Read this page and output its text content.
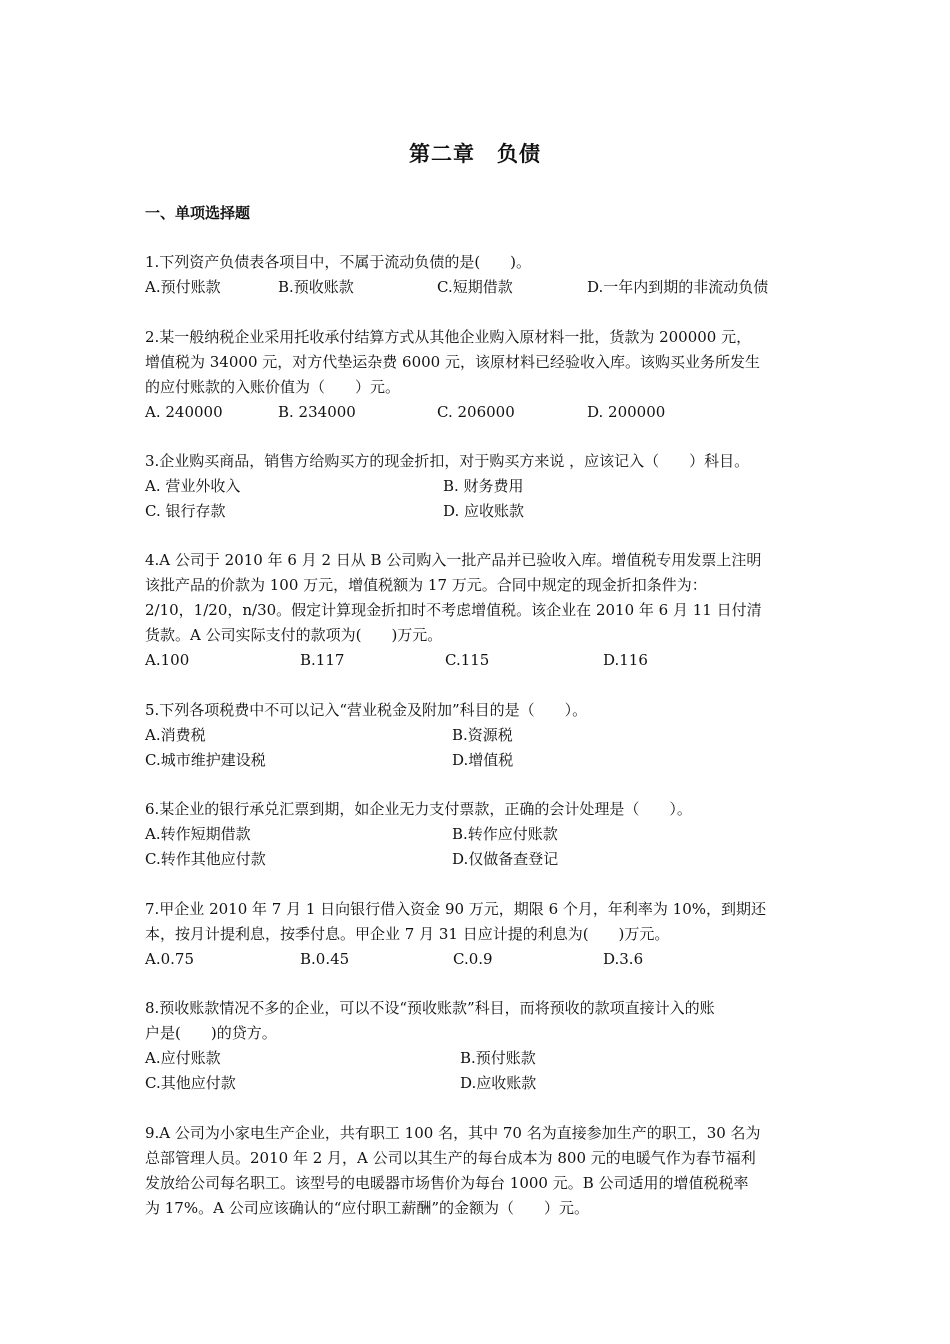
第二章　负债
一、单项选择题
1.下列资产负债表各项目中，不属于流动负债的是(　　)。
A.预付账款	B.预收账款	C.短期借款	D.一年内到期的非流动负债
2.某一般纳税企业采用托收承付结算方式从其他企业购入原材料一批，货款为 200000 元，
增值税为 34000 元，对方代垫运杂费 6000 元，该原材料已经验收入库。该购买业务所发生
的应付账款的入账价值为（　　）元。
A. 240000	B. 234000	C. 206000	D. 200000
3.企业购买商品，销售方给购买方的现金折扣，对于购买方来说 ，应该记入（　　）科目。
A. 营业外收入	B. 财务费用
C. 银行存款	D. 应收账款
4.A 公司于 2010 年 6 月 2 日从 B 公司购入一批产品并已验收入库。增值税专用发票上注明
该批产品的价款为 100 万元，增值税额为 17 万元。合同中规定的现金折扣条件为：
2/10，1/20，n/30。假定计算现金折扣时不考虑增值税。该企业在 2010 年 6 月 11 日付清
货款。A 公司实际支付的款项为(　　)万元。
A.100	B.117	C.115	D.116
5.下列各项税费中不可以记入“营业税金及附加”科目的是（　　）。
A.消费税	B.资源税
C.城市维护建设税	D.增值税
6.某企业的银行承兑汇票到期，如企业无力支付票款，正确的会计处理是（　　）。
A.转作短期借款	B.转作应付账款
C.转作其他应付款	D.仅做备查登记
7.甲企业 2010 年 7 月 1 日向银行借入资金 90 万元，期限 6 个月，年利率为 10%，到期还
本，按月计提利息，按季付息。甲企业 7 月 31 日应计提的利息为(　　)万元。
A.0.75	B.0.45	C.0.9	D.3.6
8.预收账款情况不多的企业，可以不设“预收账款”科目，而将预收的款项直接计入的账
户是(　　)的贷方。
A.应付账款	B.预付账款
C.其他应付款	D.应收账款
9.A 公司为小家电生产企业，共有职工 100 名，其中 70 名为直接参加生产的职工，30 名为
总部管理人员。2010 年 2 月，A 公司以其生产的每台成本为 800 元的电暖气作为春节福利
发放给公司每名职工。该型号的电暖器市场售价为每台 1000 元。B 公司适用的增值税税率
为 17%。A 公司应该确认的“应付职工薪酬”的金额为（　　）元。
